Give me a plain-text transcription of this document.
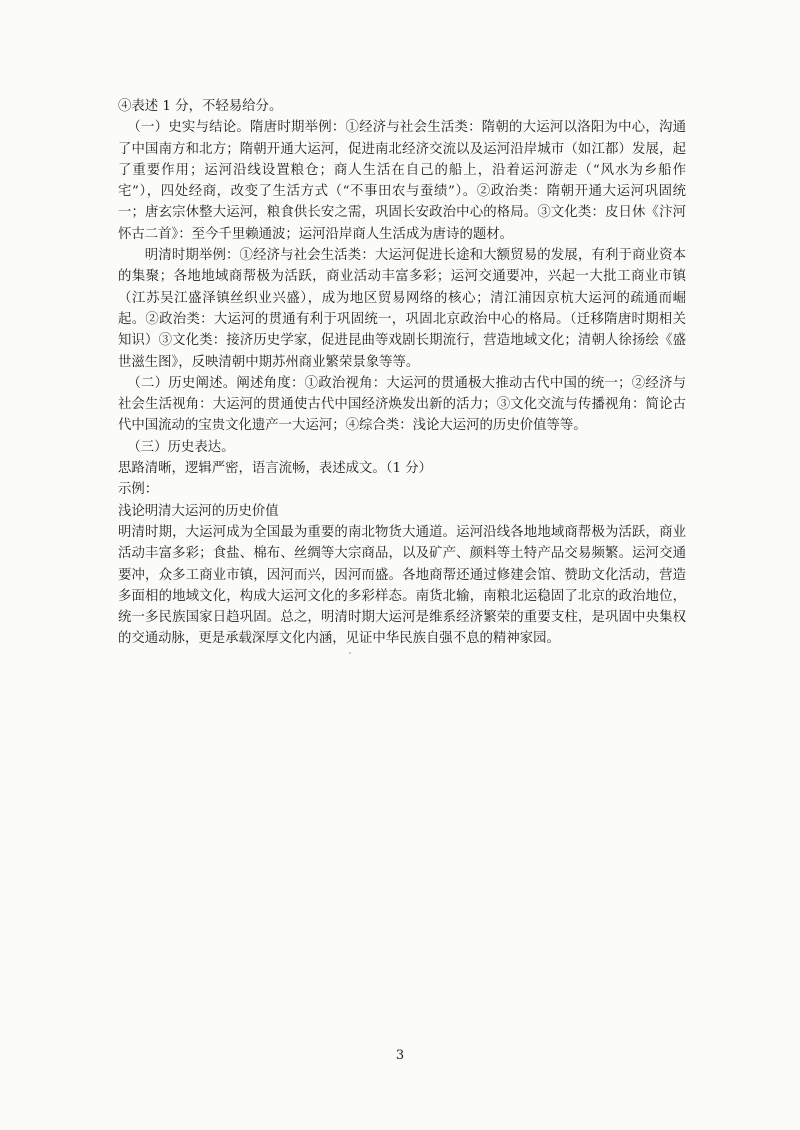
④表述 1 分，不轻易给分。

（一）史实与结论。隋唐时期举例：①经济与社会生活类：隋朝的大运河以洛阳为中心，沟通了中国南方和北方；隋朝开通大运河，促进南北经济交流以及运河沿岸城市（如江都）发展，起了重要作用；运河沿线设置粮仓；商人生活在自己的船上，沿着运河游走（“风水为乡船作宅”），四处经商，改变了生活方式（“不事田农与蚕绩”）。②政治类：隋朝开通大运河巩固统一；唐玄宗休整大运河，粮食供长安之需，巩固长安政治中心的格局。③文化类：皮日休《汴河怀古二首》：至今千里赖通波；运河沿岸商人生活成为唐诗的题材。

明清时期举例：①经济与社会生活类：大运河促进长途和大额贸易的发展，有利于商业资本的集聚；各地地域商帮极为活跃，商业活动丰富多彩；运河交通要冲，兴起一大批工商业市镇（江苏吴江盛泽镇丝织业兴盛），成为地区贸易网络的核心；清江浦因京杭大运河的疏通而崛起。②政治类：大运河的贯通有利于巩固统一，巩固北京政治中心的格局。（迁移隋唐时期相关知识）③文化类：接济历史学家，促进昆曲等戏剧长期流行，营造地域文化；清朝人徐扬绘《盛世滋生图》，反映清朝中期苏州商业繁荣景象等等。

（二）历史阐述。阐述角度：①政治视角：大运河的贯通极大推动古代中国的统一；②经济与社会生活视角：大运河的贯通使古代中国经济焕发出新的活力；③文化交流与传播视角：简论古代中国流动的宝贵文化遗产一大运河；④综合类：浅论大运河的历史价值等等。

（三）历史表达。

思路清晰，逻辑严密，语言流畅，表述成文。（1 分）

示例：

浅论明清大运河的历史价值

明清时期，大运河成为全国最为重要的南北物货大通道。运河沿线各地地域商帮极为活跃，商业活动丰富多彩；食盐、棉布、丝绸等大宗商品，以及矿产、颜料等土特产品交易频繁。运河交通要冲，众多工商业市镇，因河而兴，因河而盛。各地商帮还通过修建会馆、赞助文化活动，营造多面相的地域文化，构成大运河文化的多彩样态。南货北输，南粮北运稳固了北京的政治地位，统一多民族国家日趋巩固。总之，明清时期大运河是维系经济繁荣的重要支柱，是巩固中央集权的交通动脉，更是承载深厚文化内涵，见证中华民族自强不息的精神家园。

3
